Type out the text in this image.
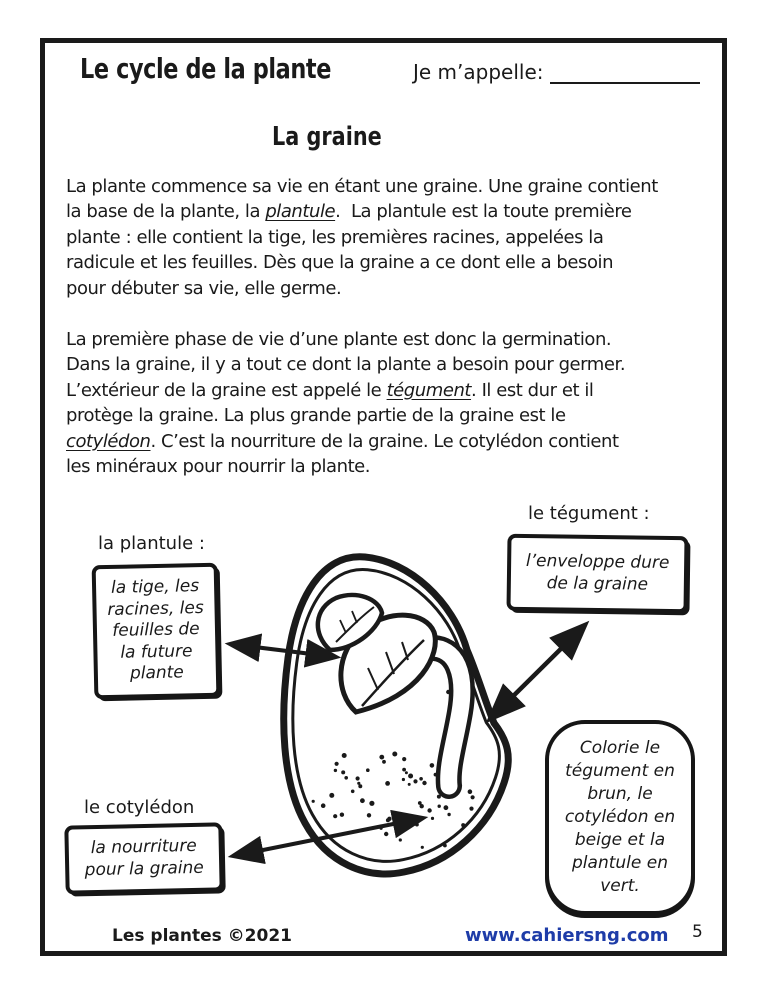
Le cycle de la plante	Je m’appelle:
La graine
La plante commence sa vie en étant une graine. Une graine contient
la base de la plante, la plantule.  La plantule est la toute première
plante : elle contient la tige, les premières racines, appelées la
radicule et les feuilles. Dès que la graine a ce dont elle a besoin
pour débuter sa vie, elle germe.
La première phase de vie d’une plante est donc la germination.
Dans la graine, il y a tout ce dont la plante a besoin pour germer.
L’extérieur de la graine est appelé le tégument. Il est dur et il
protège la graine. La plus grande partie de la graine est le
cotylédon. C’est la nourriture de la graine. Le cotylédon contient
les minéraux pour nourrir la plante.
la plantule :
la tige, les
racines, les
feuilles de
la future
plante
le tégument :
l’enveloppe dure
de la graine
le cotylédon
la nourriture
pour la graine
Colorie le
tégument en
brun, le
cotylédon en
beige et la
plantule en
vert.
Les plantes ©2021	www.cahiersng.com 5
